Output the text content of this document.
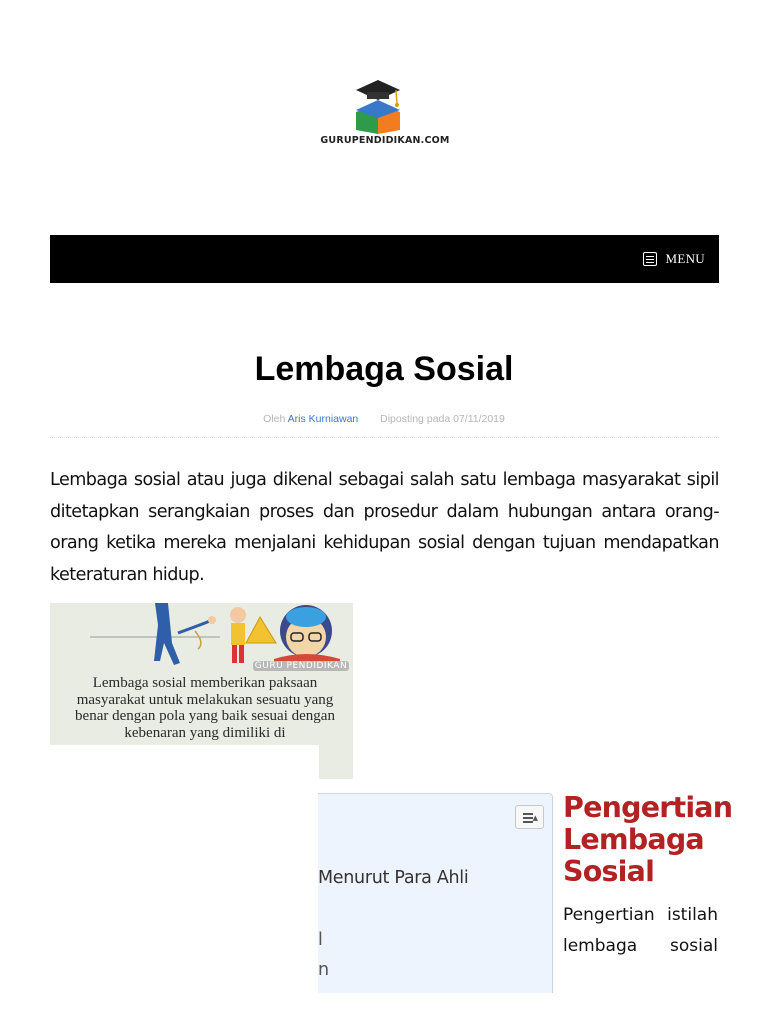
GURUPENDIDIKAN.COM
MENU
Lembaga Sosial
Oleh Aris Kurniawan Diposting pada 07/11/2019

Lembaga sosial atau juga dikenal sebagai salah satu lembaga masyarakat sipil ditetapkan serangkaian proses dan prosedur dalam hubungan antara orang-orang ketika mereka menjalani kehidupan sosial dengan tujuan mendapatkan keteraturan hidup.

GURU PENDIDIKAN
Lembaga sosial memberikan paksaan masyarakat untuk melakukan sesuatu yang benar dengan pola yang baik sesuai dengan kebenaran yang dimiliki di
▲
Menurut Para Ahli
l
n
Pengertian Lembaga Sosial

Pengertian istilah lembaga sosial
